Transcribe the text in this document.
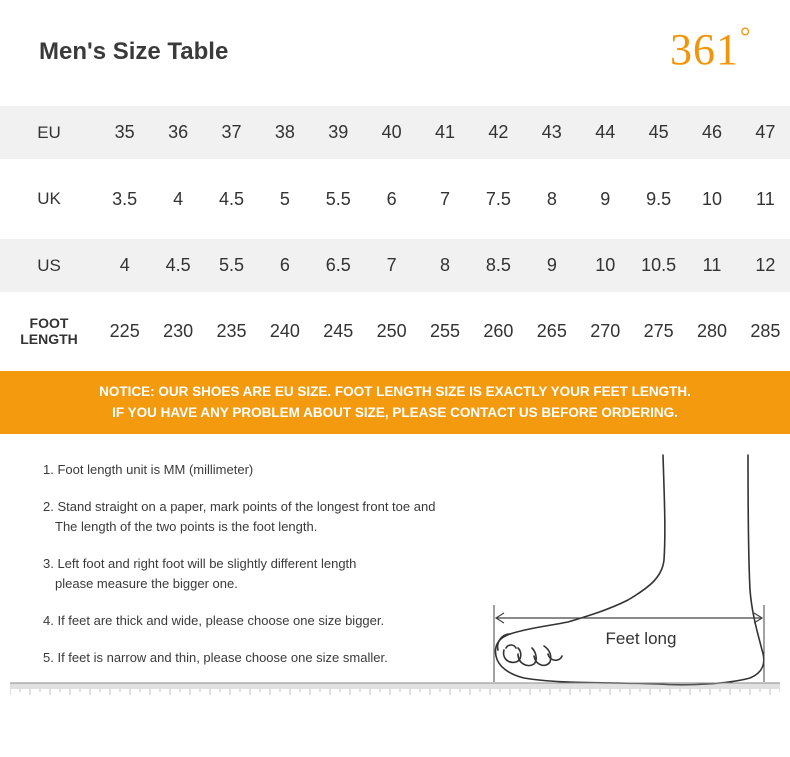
Men's Size Table	361°
EU	35	36	37	38	39	40	41	42	43	44	45	46	47
UK	3.5	4	4.5	5	5.5	6	7	7.5	8	9	9.5	10	11
US	4	4.5	5.5	6	6.5	7	8	8.5	9	10	10.5	11	12
FOOT
LENGTH	225	230	235	240	245	250	255	260	265	270	275	280	285
NOTICE: OUR SHOES ARE EU SIZE. FOOT LENGTH SIZE IS EXACTLY YOUR FEET LENGTH.
IF YOU HAVE ANY PROBLEM ABOUT SIZE, PLEASE CONTACT US BEFORE ORDERING.
1. Foot length unit is MM (millimeter)
2. Stand straight on a paper, mark points of the longest front toe and
The length of the two points is the foot length.
3. Left foot and right foot will be slightly different length
please measure the bigger one.
4. If feet are thick and wide, please choose one size bigger.
5. If feet is narrow and thin, please choose one size smaller.
Feet long
